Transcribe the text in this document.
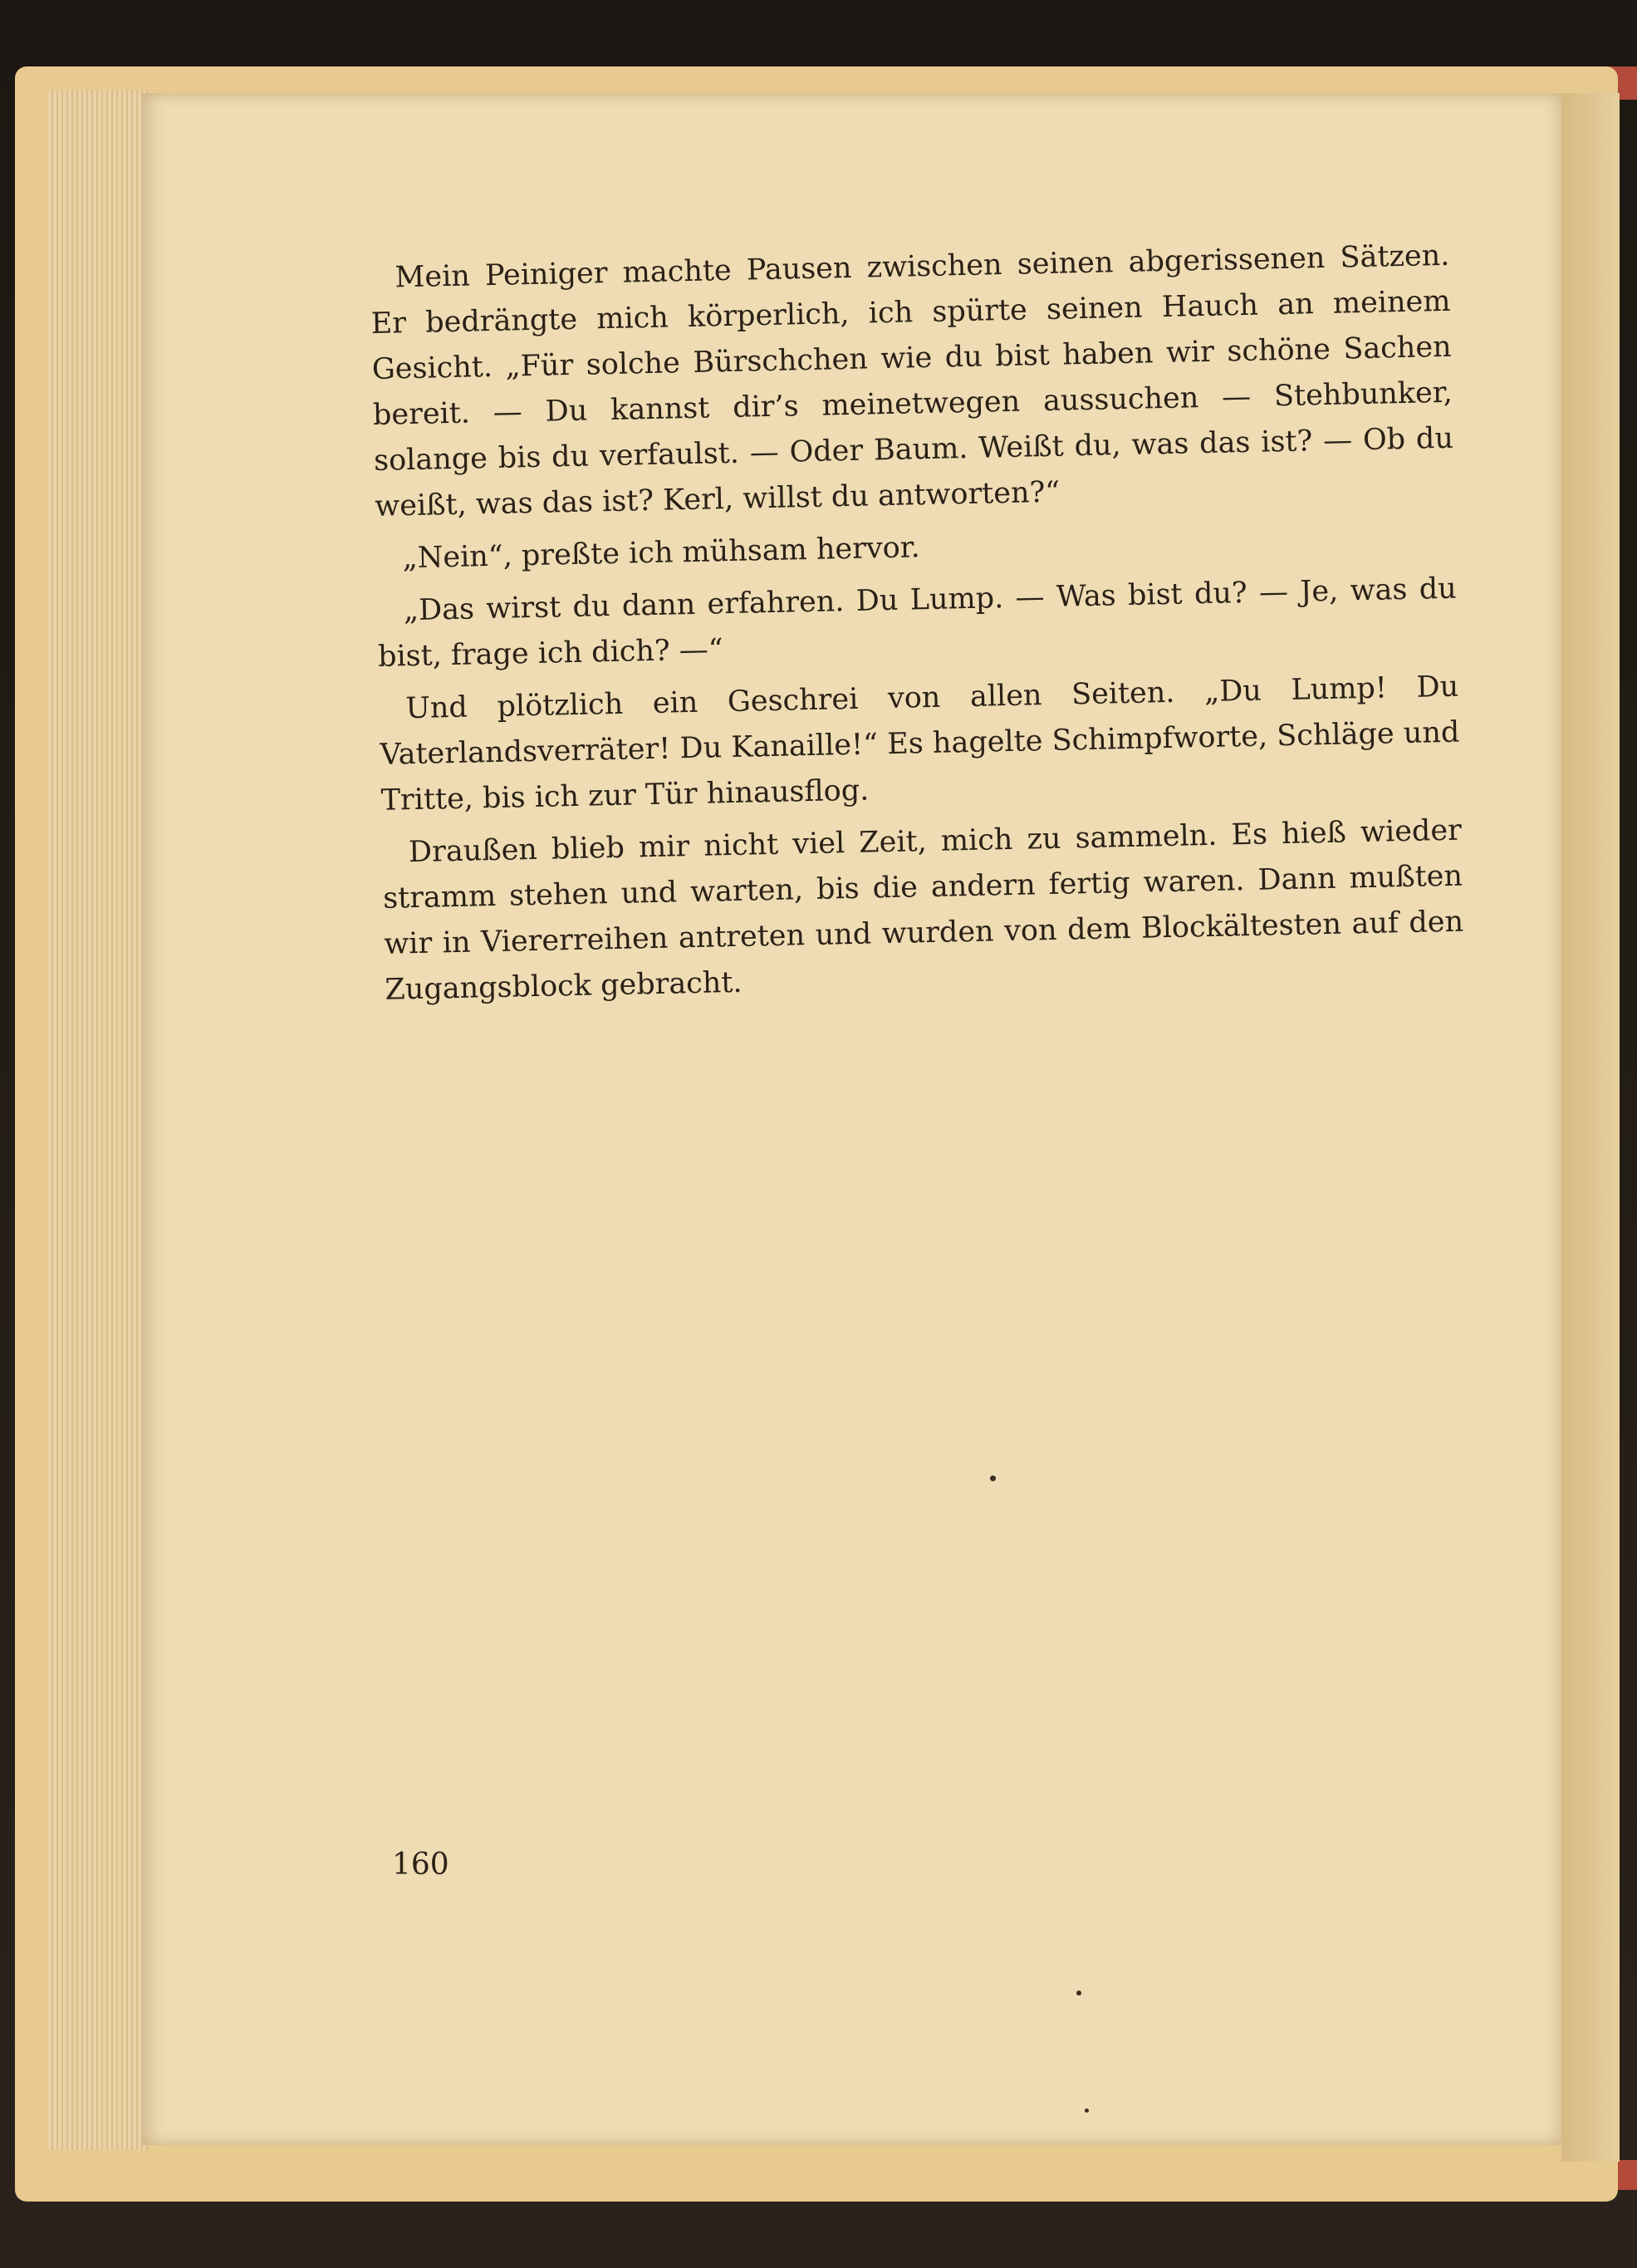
Mein Peiniger machte Pausen zwischen seinen abgerissenen Sätzen. Er bedrängte mich körperlich, ich spürte seinen Hauch an meinem Gesicht. „Für solche Bürschchen wie du bist haben wir schöne Sachen bereit. — Du kannst dir’s meinetwegen aussuchen — Stehbunker, solange bis du verfaulst. — Oder Baum. Weißt du, was das ist? — Ob du weißt, was das ist? Kerl, willst du antworten?“

„Nein“, preßte ich mühsam hervor.

„Das wirst du dann erfahren. Du Lump. — Was bist du? — Je, was du bist, frage ich dich? —“

Und plötzlich ein Geschrei von allen Seiten. „Du Lump! Du Vaterlandsverräter! Du Kanaille!“ Es hagelte Schimpfworte, Schläge und Tritte, bis ich zur Tür hinausflog.

Draußen blieb mir nicht viel Zeit, mich zu sammeln. Es hieß wieder stramm stehen und warten, bis die andern fertig waren. Dann mußten wir in Viererreihen antreten und wurden von dem Blockältesten auf den Zugangsblock gebracht.

160
